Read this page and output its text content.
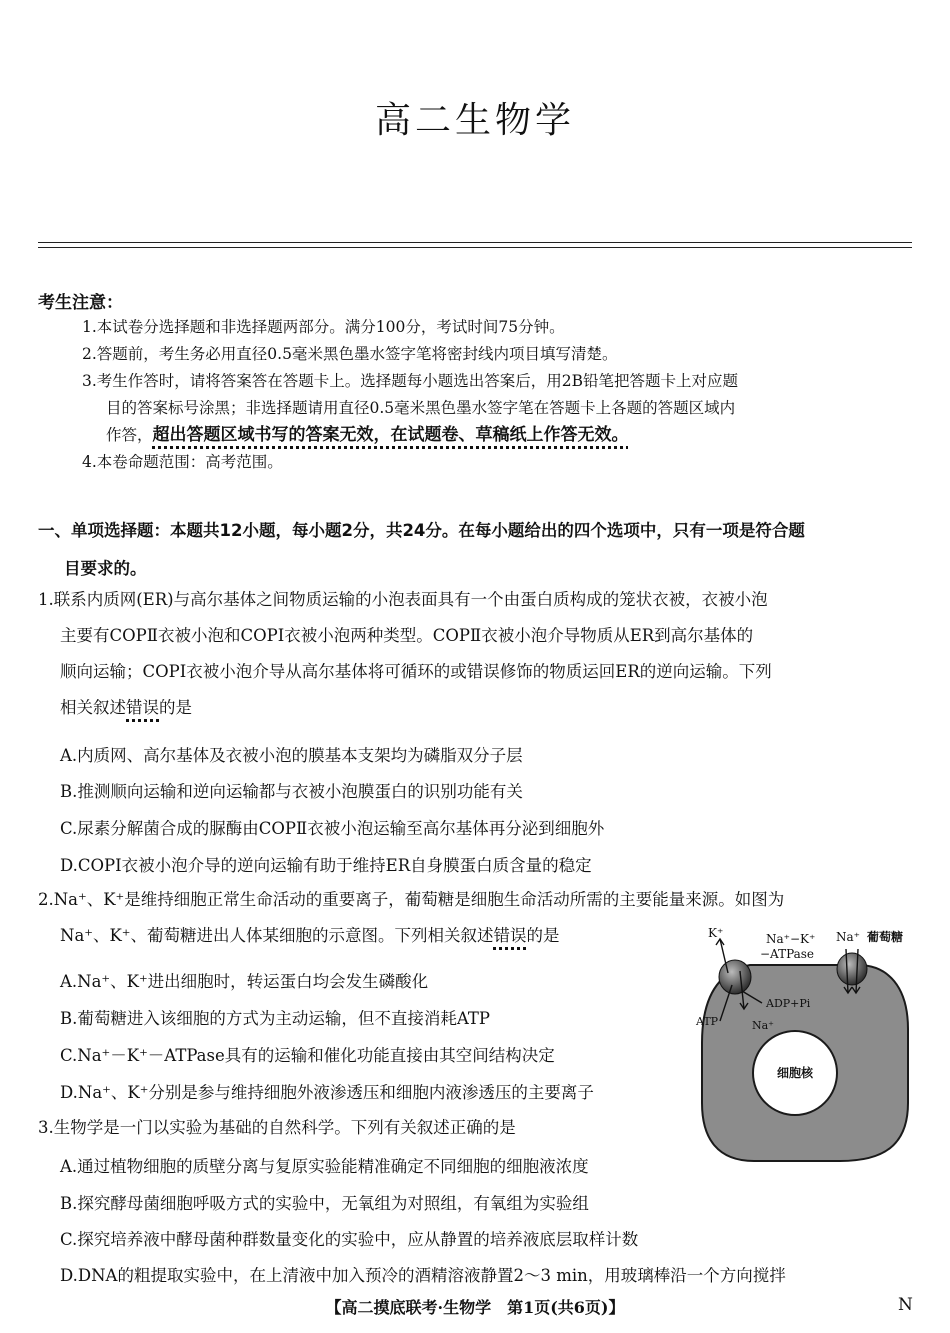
高二生物学
考生注意：
1.本试卷分选择题和非选择题两部分。满分100分，考试时间75分钟。
2.答题前，考生务必用直径0.5毫米黑色墨水签字笔将密封线内项目填写清楚。
3.考生作答时，请将答案答在答题卡上。选择题每小题选出答案后，用2B铅笔把答题卡上对应题
目的答案标号涂黑；非选择题请用直径0.5毫米黑色墨水签字笔在答题卡上各题的答题区域内
作答，超出答题区域书写的答案无效，在试题卷、草稿纸上作答无效。
4.本卷命题范围：高考范围。
一、单项选择题：本题共12小题，每小题2分，共24分。在每小题给出的四个选项中，只有一项是符合题
目要求的。
1.联系内质网(ER)与高尔基体之间物质运输的小泡表面具有一个由蛋白质构成的笼状衣被，衣被小泡
主要有COPⅡ衣被小泡和COPI衣被小泡两种类型。COPⅡ衣被小泡介导物质从ER到高尔基体的
顺向运输；COPI衣被小泡介导从高尔基体将可循环的或错误修饰的物质运回ER的逆向运输。下列
相关叙述错误的是
A.内质网、高尔基体及衣被小泡的膜基本支架均为磷脂双分子层
B.推测顺向运输和逆向运输都与衣被小泡膜蛋白的识别功能有关
C.尿素分解菌合成的脲酶由COPⅡ衣被小泡运输至高尔基体再分泌到细胞外
D.COPI衣被小泡介导的逆向运输有助于维持ER自身膜蛋白质含量的稳定
2.Na⁺、K⁺是维持细胞正常生命活动的重要离子，葡萄糖是细胞生命活动所需的主要能量来源。如图为
Na⁺、K⁺、葡萄糖进出人体某细胞的示意图。下列相关叙述错误的是
A.Na⁺、K⁺进出细胞时，转运蛋白均会发生磷酸化
B.葡萄糖进入该细胞的方式为主动运输，但不直接消耗ATP
C.Na⁺－K⁺－ATPase具有的运输和催化功能直接由其空间结构决定
D.Na⁺、K⁺分别是参与维持细胞外液渗透压和细胞内液渗透压的主要离子
细胞核
K⁺	Na⁺−K⁺
−ATPase
Na⁺ 葡萄糖
ADP+Pi
ATP	Na⁺
3.生物学是一门以实验为基础的自然科学。下列有关叙述正确的是
A.通过植物细胞的质壁分离与复原实验能精准确定不同细胞的细胞液浓度
B.探究酵母菌细胞呼吸方式的实验中，无氧组为对照组，有氧组为实验组
C.探究培养液中酵母菌种群数量变化的实验中，应从静置的培养液底层取样计数
D.DNA的粗提取实验中，在上清液中加入预冷的酒精溶液静置2～3 min，用玻璃棒沿一个方向搅拌
【高二摸底联考·生物学　第1页(共6页)】	N
